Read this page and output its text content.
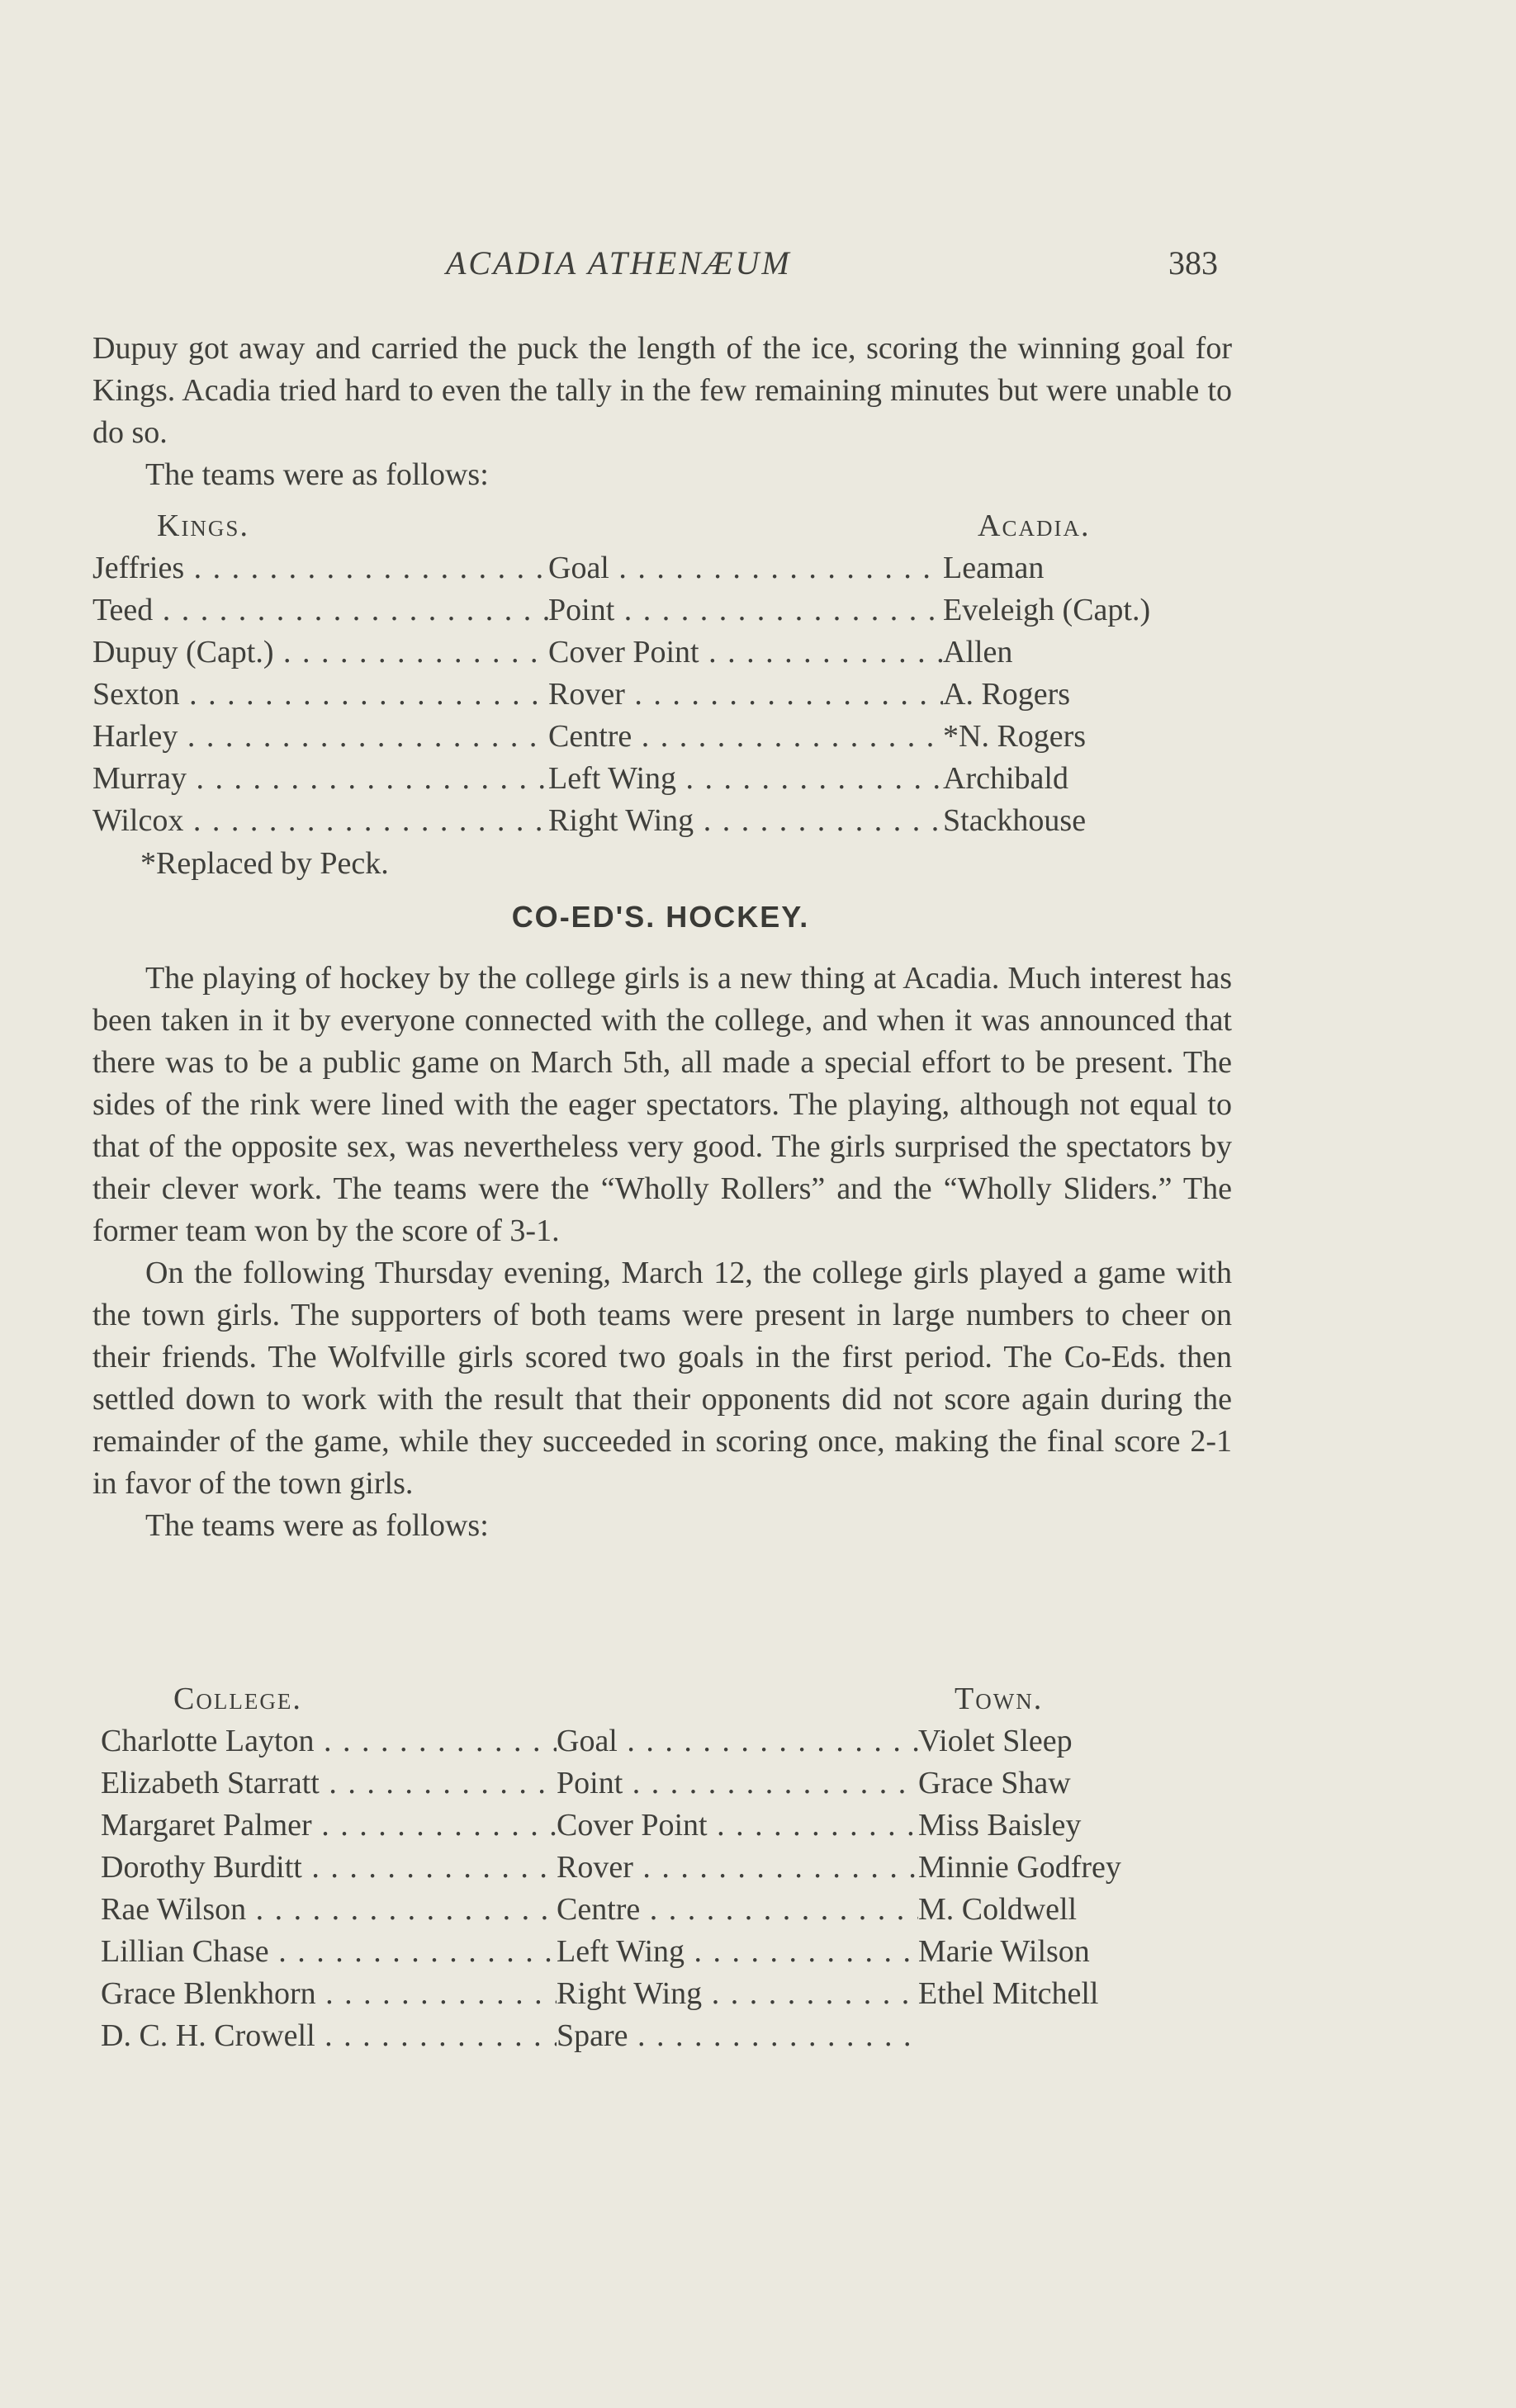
ACADIA ATHENÆUM	383

Dupuy got away and carried the puck the length of the ice, scoring the winning goal for Kings. Acadia tried hard to even the tally in the few remaining minutes but were unable to do so.

The teams were as follows:

Kings.	Acadia.
Jeffries . . .	Goal . . .	Leaman
Teed . . .	Point . . .	Eveleigh (Capt.)
Dupuy (Capt.) . . .	Cover Point . . .	Allen
Sexton . . .	Rover . . .	A. Rogers
Harley . . .	Centre . . .	*N. Rogers
Murray . . .	Left Wing . . .	Archibald
Wilcox . . .	Right Wing . . .	Stackhouse
*Replaced by Peck.
CO-ED'S. HOCKEY.

The playing of hockey by the college girls is a new thing at Acadia. Much interest has been taken in it by everyone connected with the college, and when it was announced that there was to be a public game on March 5th, all made a special effort to be present. The sides of the rink were lined with the eager spectators. The playing, although not equal to that of the opposite sex, was nevertheless very good. The girls surprised the spectators by their clever work. The teams were the “Wholly Rollers” and the “Wholly Sliders.” The former team won by the score of 3-1.

On the following Thursday evening, March 12, the college girls played a game with the town girls. The supporters of both teams were present in large numbers to cheer on their friends. The Wolfville girls scored two goals in the first period. The Co-Eds. then settled down to work with the result that their opponents did not score again during the remainder of the game, while they succeeded in scoring once, making the final score 2-1 in favor of the town girls.

The teams were as follows:

College.	Town.
Charlotte Layton . . .	Goal . . .	Violet Sleep
Elizabeth Starratt . . .	Point . . .	Grace Shaw
Margaret Palmer . . .	Cover Point . . .	Miss Baisley
Dorothy Burditt . . .	Rover . . .	Minnie Godfrey
Rae Wilson . . .	Centre . . .	M. Coldwell
Lillian Chase . . .	Left Wing . . .	Marie Wilson
Grace Blenkhorn . . .	Right Wing . . .	Ethel Mitchell
D. C. H. Crowell . . .	Spare . . .
